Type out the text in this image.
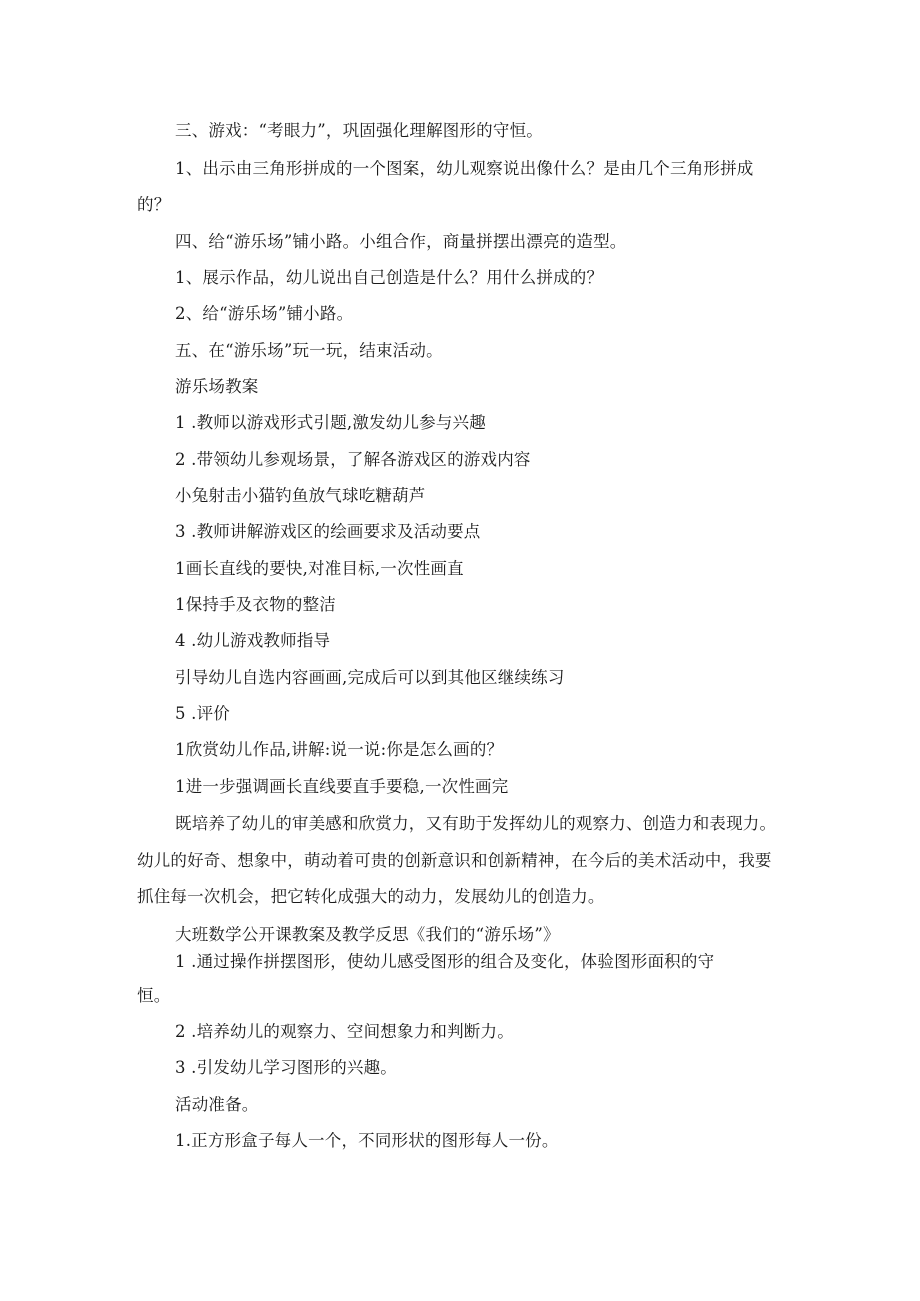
三、游戏：“考眼力”，巩固强化理解图形的守恒。
1、出示由三角形拼成的一个图案，幼儿观察说出像什么？是由几个三角形拼成
的？
四、给“游乐场”铺小路。小组合作，商量拼摆出漂亮的造型。
1、展示作品，幼儿说出自己创造是什么？用什么拼成的？
2、给“游乐场”铺小路。
五、在“游乐场”玩一玩，结束活动。
游乐场教案
1 .教师以游戏形式引题,激发幼儿参与兴趣
2 .带领幼儿参观场景，了解各游戏区的游戏内容
小兔射击小猫钓鱼放气球吃糖葫芦
3 .教师讲解游戏区的绘画要求及活动要点
1画长直线的要快,对准目标,一次性画直
1保持手及衣物的整洁
4 .幼儿游戏教师指导
引导幼儿自选内容画画,完成后可以到其他区继续练习
5 .评价
1欣赏幼儿作品,讲解:说一说:你是怎么画的？
1进一步强调画长直线要直手要稳,一次性画完
既培养了幼儿的审美感和欣赏力，又有助于发挥幼儿的观察力、创造力和表现力。
幼儿的好奇、想象中，萌动着可贵的创新意识和创新精神，在今后的美术活动中，我要
抓住每一次机会，把它转化成强大的动力，发展幼儿的创造力。
大班数学公开课教案及教学反思《我们的“游乐场”》
1 .通过操作拼摆图形，使幼儿感受图形的组合及变化，体验图形面积的守
恒。
2 .培养幼儿的观察力、空间想象力和判断力。
3 .引发幼儿学习图形的兴趣。
活动准备。
1.正方形盒子每人一个，不同形状的图形每人一份。
